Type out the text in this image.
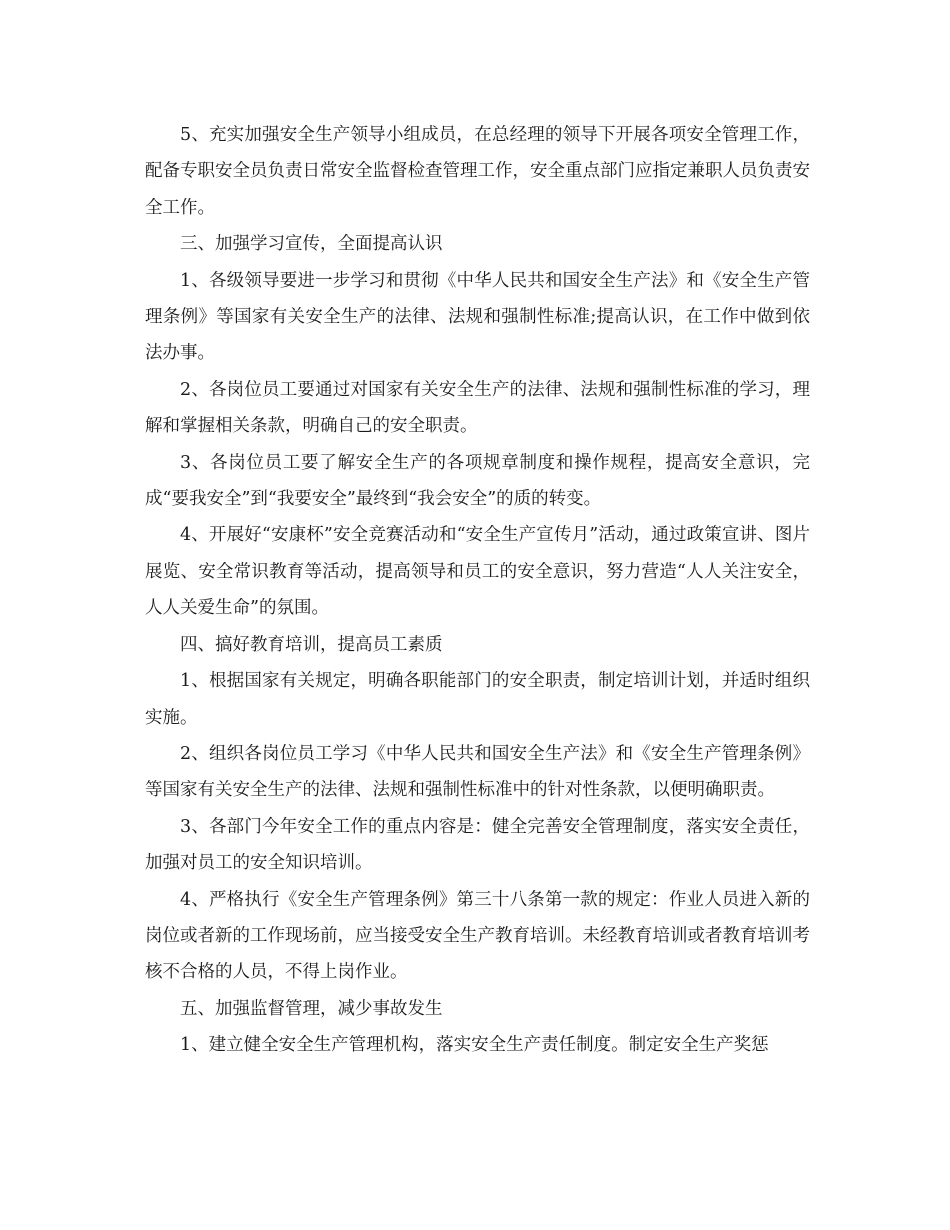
5、充实加强安全生产领导小组成员，在总经理的领导下开展各项安全管理工作，配备专职安全员负责日常安全监督检查管理工作，安全重点部门应指定兼职人员负责安全工作。

三、加强学习宣传，全面提高认识

1、各级领导要进一步学习和贯彻《中华人民共和国安全生产法》和《安全生产管理条例》等国家有关安全生产的法律、法规和强制性标准;提高认识，在工作中做到依法办事。

2、各岗位员工要通过对国家有关安全生产的法律、法规和强制性标准的学习，理解和掌握相关条款，明确自己的安全职责。

3、各岗位员工要了解安全生产的各项规章制度和操作规程，提高安全意识，完成“要我安全”到“我要安全”最终到“我会安全”的质的转变。

4、开展好“安康杯”安全竞赛活动和“安全生产宣传月”活动，通过政策宣讲、图片展览、安全常识教育等活动，提高领导和员工的安全意识，努力营造“人人关注安全，人人关爱生命”的氛围。

四、搞好教育培训，提高员工素质

1、根据国家有关规定，明确各职能部门的安全职责，制定培训计划，并适时组织实施。

2、组织各岗位员工学习《中华人民共和国安全生产法》和《安全生产管理条例》等国家有关安全生产的法律、法规和强制性标准中的针对性条款，以便明确职责。

3、各部门今年安全工作的重点内容是：健全完善安全管理制度，落实安全责任，加强对员工的安全知识培训。

4、严格执行《安全生产管理条例》第三十八条第一款的规定：作业人员进入新的岗位或者新的工作现场前，应当接受安全生产教育培训。未经教育培训或者教育培训考核不合格的人员，不得上岗作业。

五、加强监督管理，减少事故发生

1、建立健全安全生产管理机构，落实安全生产责任制度。制定安全生产奖惩
